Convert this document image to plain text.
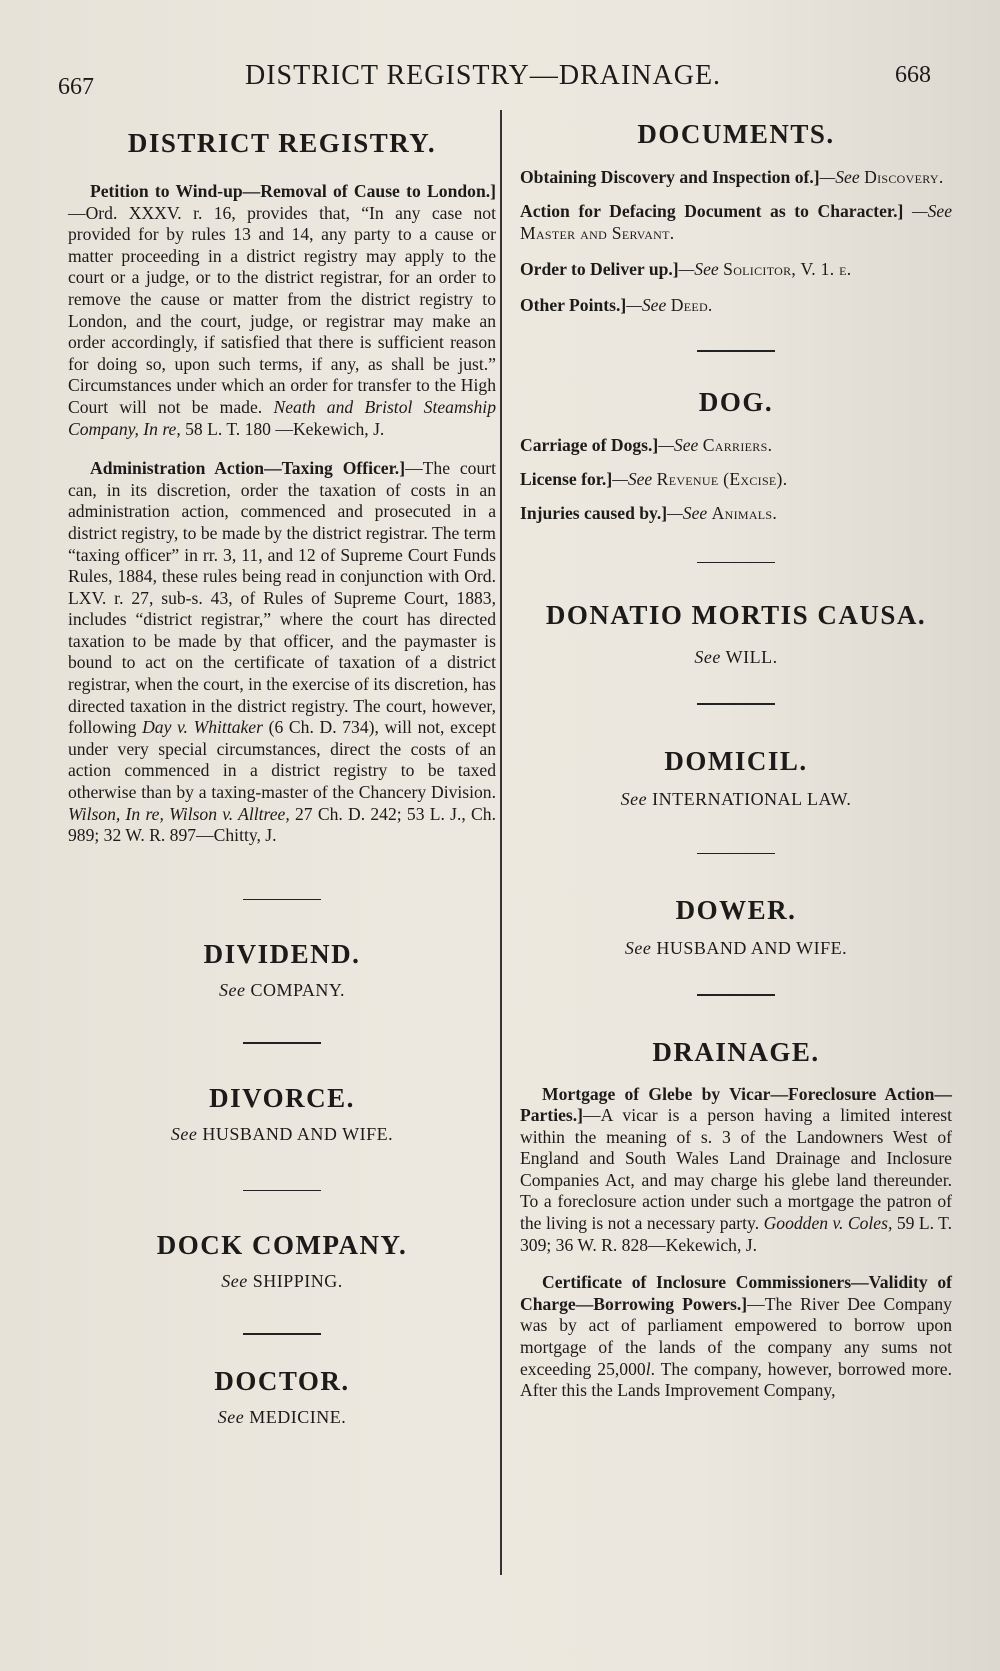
667	DISTRICT REGISTRY—DRAINAGE.	668
DISTRICT REGISTRY.

Petition to Wind-up—Removal of Cause to London.]—Ord. XXXV. r. 16, provides that, “In any case not provided for by rules 13 and 14, any party to a cause or matter proceeding in a district registry may apply to the court or a judge, or to the district registrar, for an order to remove the cause or matter from the district registry to London, and the court, judge, or registrar may make an order accordingly, if satisfied that there is sufficient reason for doing so, upon such terms, if any, as shall be just.” Circumstances under which an order for transfer to the High Court will not be made. Neath and Bristol Steamship Company, In re, 58 L. T. 180 —Kekewich, J.

Administration Action—Taxing Officer.]—The court can, in its discretion, order the taxation of costs in an administration action, commenced and prosecuted in a district registry, to be made by the district registrar. The term “taxing officer” in rr. 3, 11, and 12 of Supreme Court Funds Rules, 1884, these rules being read in conjunction with Ord. LXV. r. 27, sub-s. 43, of Rules of Supreme Court, 1883, includes “district registrar,” where the court has directed taxation to be made by that officer, and the paymaster is bound to act on the certificate of taxation of a district registrar, when the court, in the exercise of its discretion, has directed taxation in the district registry. The court, however, following Day v. Whittaker (6 Ch. D. 734), will not, except under very special circumstances, direct the costs of an action commenced in a district registry to be taxed otherwise than by a taxing-master of the Chancery Division. Wilson, In re, Wilson v. Alltree, 27 Ch. D. 242; 53 L. J., Ch. 989; 32 W. R. 897—Chitty, J.

DIVIDEND.
See COMPANY.
DIVORCE.
See HUSBAND AND WIFE.
DOCK COMPANY.
See SHIPPING.
DOCTOR.
See MEDICINE.
DOCUMENTS.

Obtaining Discovery and Inspection of.]—See Discovery.

Action for Defacing Document as to Character.] —See Master and Servant.

Order to Deliver up.]—See Solicitor, V. 1. e.

Other Points.]—See Deed.

DOG.

Carriage of Dogs.]—See Carriers.

License for.]—See Revenue (Excise).

Injuries caused by.]—See Animals.

DONATIO MORTIS CAUSA.
See WILL.
DOMICIL.
See INTERNATIONAL LAW.
DOWER.
See HUSBAND AND WIFE.
DRAINAGE.

Mortgage of Glebe by Vicar—Foreclosure Action—Parties.]—A vicar is a person having a limited interest within the meaning of s. 3 of the Landowners West of England and South Wales Land Drainage and Inclosure Companies Act, and may charge his glebe land thereunder. To a foreclosure action under such a mortgage the patron of the living is not a necessary party. Goodden v. Coles, 59 L. T. 309; 36 W. R. 828—Kekewich, J.

Certificate of Inclosure Commissioners—Validity of Charge—Borrowing Powers.]—The River Dee Company was by act of parliament empowered to borrow upon mortgage of the lands of the company any sums not exceeding 25,000l. The company, however, borrowed more. After this the Lands Improvement Company,
